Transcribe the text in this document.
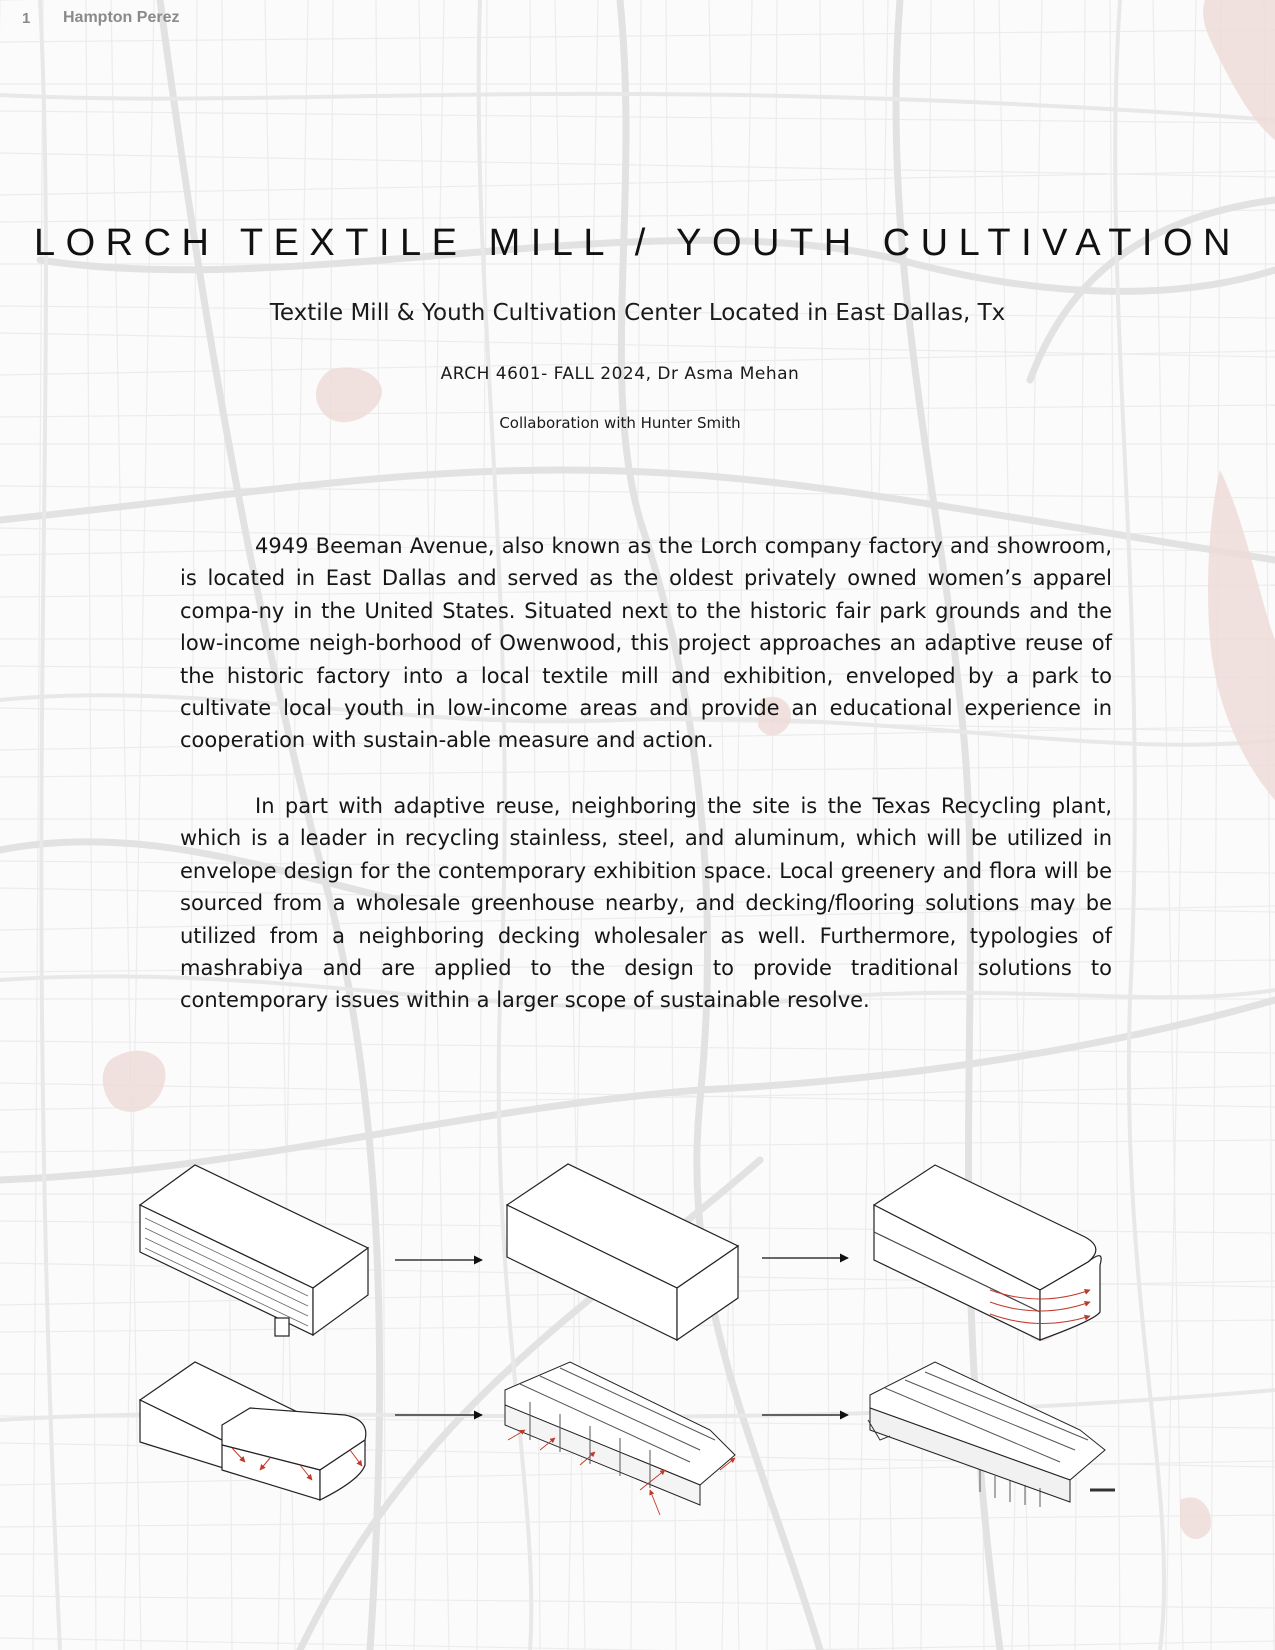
1 Hampton Perez
LORCH TEXTILE MILL / YOUTH CULTIVATION
Textile Mill & Youth Cultivation Center Located in East Dallas, Tx
ARCH 4601- FALL 2024, Dr Asma Mehan
Collaboration with Hunter Smith

4949 Beeman Avenue, also known as the Lorch company factory and showroom, is located in East Dallas and served as the oldest privately owned women’s apparel compa-ny in the United States. Situated next to the historic fair park grounds and the low-income neigh-borhood of Owenwood, this project approaches an adaptive reuse of the historic factory into a local textile mill and exhibition, enveloped by a park to cultivate local youth in low-income areas and provide an educational experience in cooperation with sustain-able measure and action.

In part with adaptive reuse, neighboring the site is the Texas Recycling plant, which is a leader in recycling stainless, steel, and aluminum, which will be utilized in envelope design for the contemporary exhibition space. Local greenery and flora will be sourced from a wholesale greenhouse nearby, and decking/flooring solutions may be utilized from a neighboring decking wholesaler as well. Furthermore, typologies of mashrabiya and are applied to the design to provide traditional solutions to contemporary issues within a larger scope of sustainable resolve.
